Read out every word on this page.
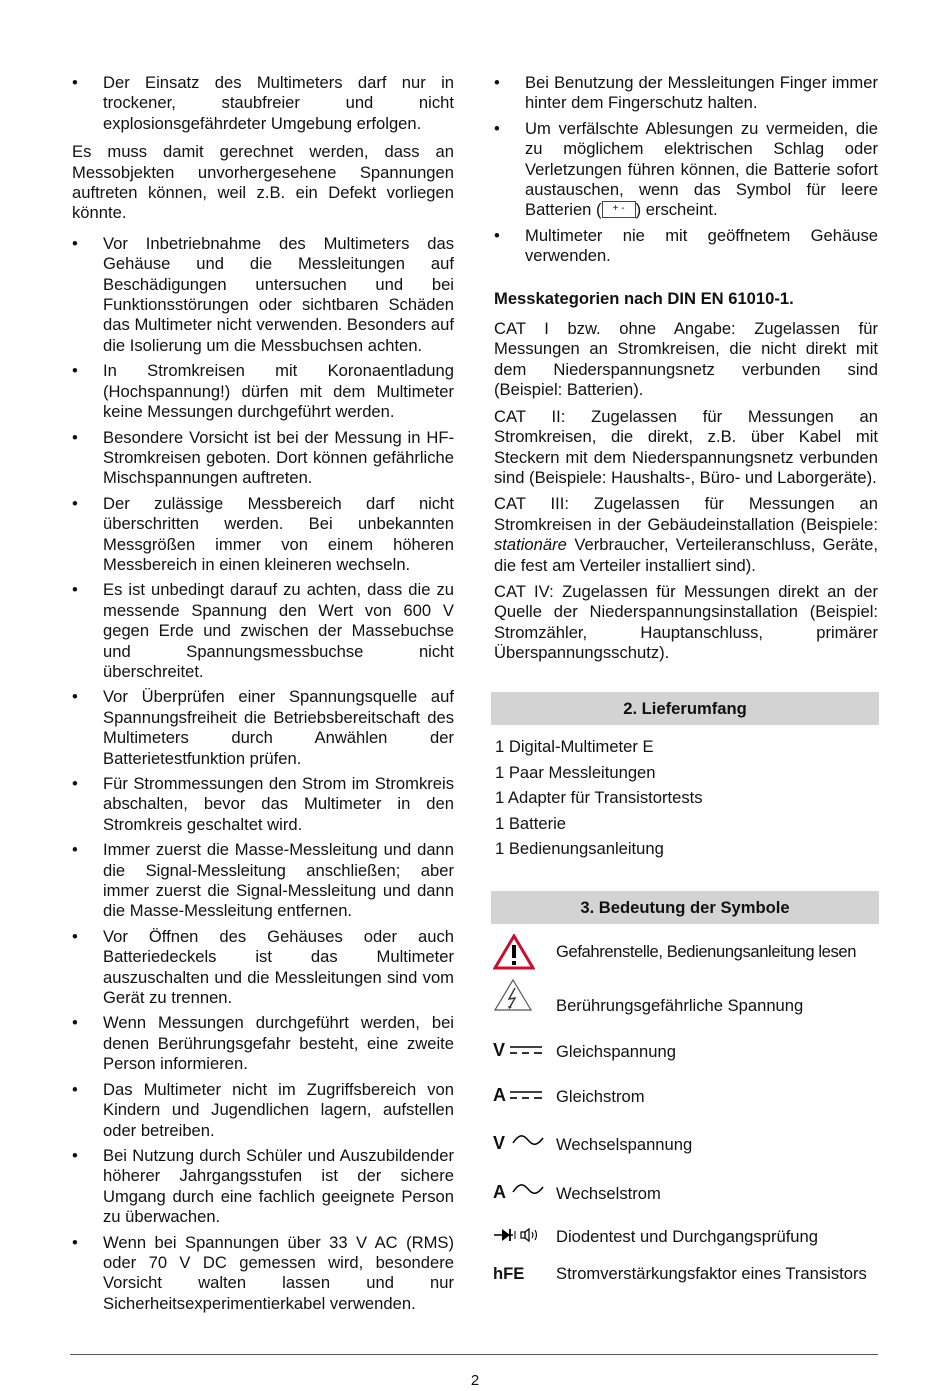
• Der Einsatz des Multimeters darf nur in trockener, staubfreier und nicht explosionsgefährdeter Umgebung erfolgen.

Es muss damit gerechnet werden, dass an Messobjekten unvorhergesehene Spannungen auftreten können, weil z.B. ein Defekt vorliegen könnte.

• Vor Inbetriebnahme des Multimeters das Gehäuse und die Messleitungen auf Beschädigungen untersuchen und bei Funktionsstörungen oder sichtbaren Schäden das Multimeter nicht verwenden. Besonders auf die Isolierung um die Messbuchsen achten.
• In Stromkreisen mit Koronaentladung (Hochspannung!) dürfen mit dem Multimeter keine Messungen durchgeführt werden.
• Besondere Vorsicht ist bei der Messung in HF-Stromkreisen geboten. Dort können gefährliche Mischspannungen auftreten.
• Der zulässige Messbereich darf nicht überschritten werden. Bei unbekannten Messgrößen immer von einem höheren Messbereich in einen kleineren wechseln.
• Es ist unbedingt darauf zu achten, dass die zu messende Spannung den Wert von 600 V gegen Erde und zwischen der Massebuchse und Spannungsmessbuchse nicht überschreitet.
• Vor Überprüfen einer Spannungsquelle auf Spannungsfreiheit die Betriebsbereitschaft des Multimeters durch Anwählen der Batterietestfunktion prüfen.
• Für Strommessungen den Strom im Stromkreis abschalten, bevor das Multimeter in den Stromkreis geschaltet wird.
• Immer zuerst die Masse-Messleitung und dann die Signal-Messleitung anschließen; aber immer zuerst die Signal-Messleitung und dann die Masse-Messleitung entfernen.
• Vor Öffnen des Gehäuses oder auch Batteriedeckels ist das Multimeter auszuschalten und die Messleitungen sind vom Gerät zu trennen.
• Wenn Messungen durchgeführt werden, bei denen Berührungsgefahr besteht, eine zweite Person informieren.
• Das Multimeter nicht im Zugriffsbereich von Kindern und Jugendlichen lagern, aufstellen oder betreiben.
• Bei Nutzung durch Schüler und Auszubildender höherer Jahrgangsstufen ist der sichere Umgang durch eine fachlich geeignete Person zu überwachen.
• Wenn bei Spannungen über 33 V AC (RMS) oder 70 V DC gemessen wird, besondere Vorsicht walten lassen und nur Sicherheitsexperimentierkabel verwenden.
• Bei Benutzung der Messleitungen Finger immer hinter dem Fingerschutz halten.
• Um verfälschte Ablesungen zu vermeiden, die zu möglichem elektrischen Schlag oder Verletzungen führen können, die Batterie sofort austauschen, wenn das Symbol für leere Batterien ( + - ) erscheint.
• Multimeter nie mit geöffnetem Gehäuse verwenden.
Messkategorien nach DIN EN 61010-1.

CAT I bzw. ohne Angabe: Zugelassen für Messungen an Stromkreisen, die nicht direkt mit dem Niederspannungsnetz verbunden sind (Beispiel: Batterien).

CAT II: Zugelassen für Messungen an Stromkreisen, die direkt, z.B. über Kabel mit Steckern mit dem Niederspannungsnetz verbunden sind (Beispiele: Haushalts-, Büro- und Laborgeräte).

CAT III: Zugelassen für Messungen an Stromkreisen in der Gebäudeinstallation (Beispiele: stationäre Verbraucher, Verteileranschluss, Geräte, die fest am Verteiler installiert sind).

CAT IV: Zugelassen für Messungen direkt an der Quelle der Niederspannungsinstallation (Beispiel: Stromzähler, Hauptanschluss, primärer Überspannungsschutz).

2. Lieferumfang
1 Digital-Multimeter E
1 Paar Messleitungen
1 Adapter für Transistortests
1 Batterie
1 Bedienungsanleitung
3. Bedeutung der Symbole
Gefahrenstelle, Bedienungsanleitung lesen
Berührungsgefährliche Spannung
V	Gleichspannung
A	Gleichstrom
V	Wechselspannung
A	Wechselstrom
Diodentest und Durchgangsprüfung
hFE	Stromverstärkungsfaktor eines Transistors
2
